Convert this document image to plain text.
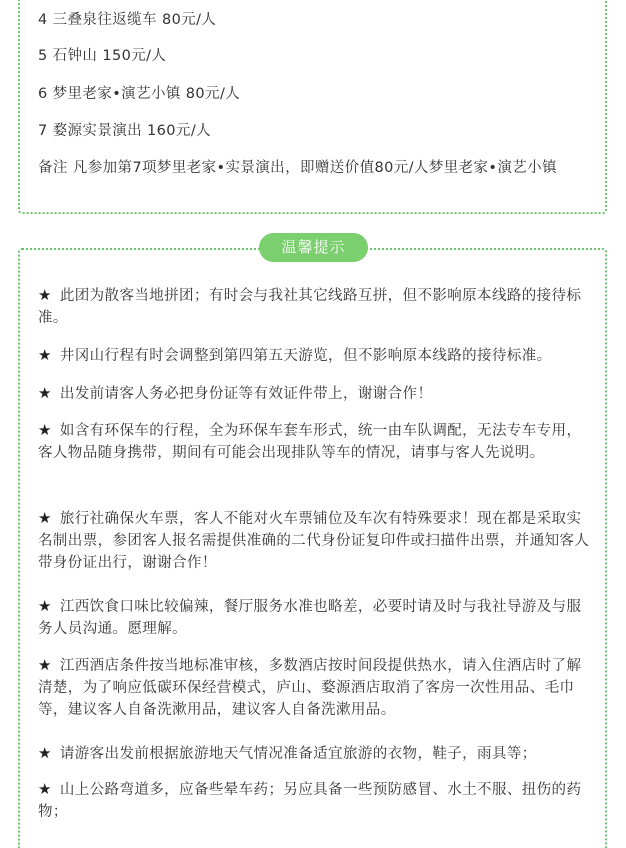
4 三叠泉往返缆车 80元/人

5 石钟山 150元/人

6 梦里老家•演艺小镇 80元/人

7 婺源实景演出 160元/人

备注 凡参加第7项梦里老家•实景演出，即赠送价值80元/人梦里老家•演艺小镇

温馨提示

★ 此团为散客当地拼团；有时会与我社其它线路互拼，但不影响原本线路的接待标准。

★ 井冈山行程有时会调整到第四第五天游览，但不影响原本线路的接待标准。

★ 出发前请客人务必把身份证等有效证件带上，谢谢合作！

★ 如含有环保车的行程，全为环保车套车形式，统一由车队调配，无法专车专用，客人物品随身携带，期间有可能会出现排队等车的情况，请事与客人先说明。

★ 旅行社确保火车票，客人不能对火车票铺位及车次有特殊要求！现在都是采取实名制出票，参团客人报名需提供准确的二代身份证复印件或扫描件出票，并通知客人带身份证出行，谢谢合作！

★ 江西饮食口味比较偏辣，餐厅服务水准也略差，必要时请及时与我社导游及与服务人员沟通。愿理解。

★ 江西酒店条件按当地标准审核，多数酒店按时间段提供热水，请入住酒店时了解清楚，为了响应低碳环保经营模式，庐山、婺源酒店取消了客房一次性用品、毛巾等，建议客人自备洗漱用品，建议客人自备洗漱用品。

★ 请游客出发前根据旅游地天气情况准备适宜旅游的衣物，鞋子，雨具等；

★ 山上公路弯道多，应备些晕车药；另应具备一些预防感冒、水土不服、扭伤的药物；
